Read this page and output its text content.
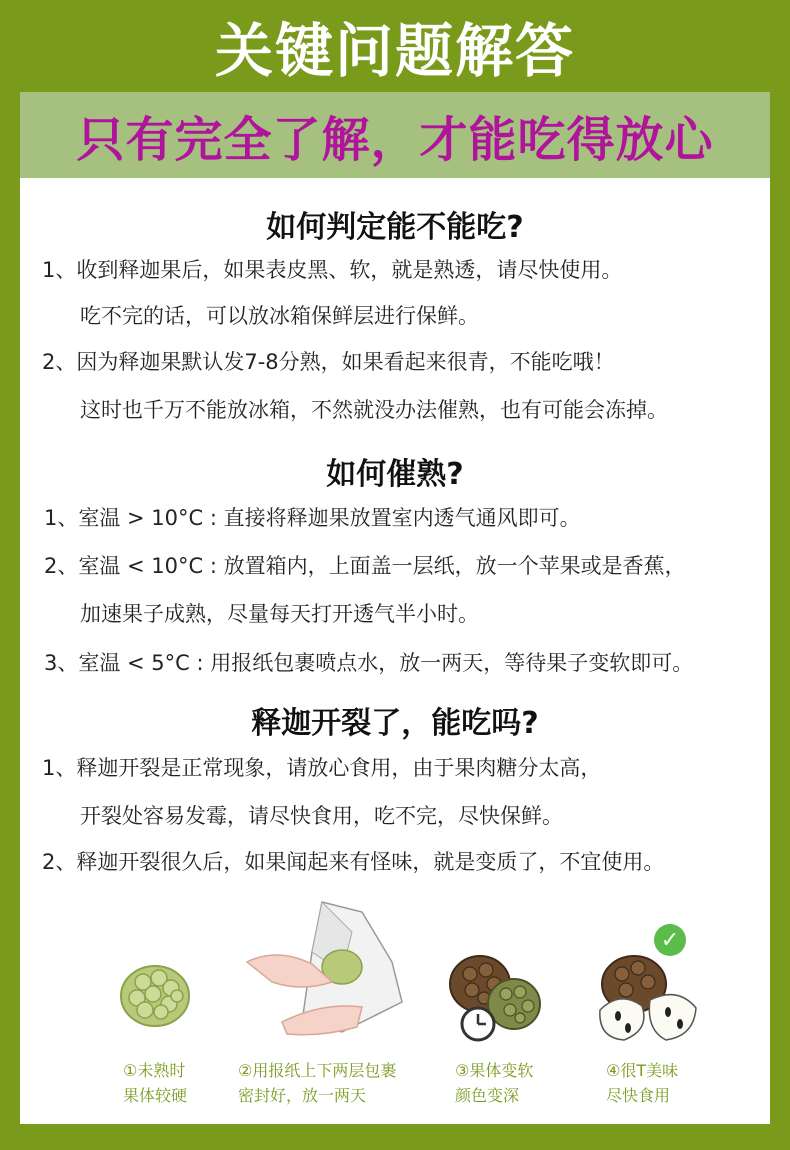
关键问题解答
只有完全了解，才能吃得放心
如何判定能不能吃?
1、收到释迦果后，如果表皮黑、软，就是熟透，请尽快使用。
吃不完的话，可以放冰箱保鲜层进行保鲜。
2、因为释迦果默认发7-8分熟，如果看起来很青，不能吃哦！
这时也千万不能放冰箱，不然就没办法催熟，也有可能会冻掉。
如何催熟?
1、室温 > 10°C : 直接将释迦果放置室内透气通风即可。
2、室温 < 10°C : 放置箱内，上面盖一层纸，放一个苹果或是香蕉，
加速果子成熟，尽量每天打开透气半小时。
3、室温 < 5°C : 用报纸包裹喷点水，放一两天，等待果子变软即可。
释迦开裂了，能吃吗?
1、释迦开裂是正常现象，请放心食用，由于果肉糖分太高，
开裂处容易发霉，请尽快食用，吃不完，尽快保鲜。
2、释迦开裂很久后，如果闻起来有怪味，就是变质了，不宜使用。
✓
①未熟时
果体较硬
②用报纸上下两层包裹
密封好，放一两天
③果体变软
颜色变深
④很T美味
尽快食用
